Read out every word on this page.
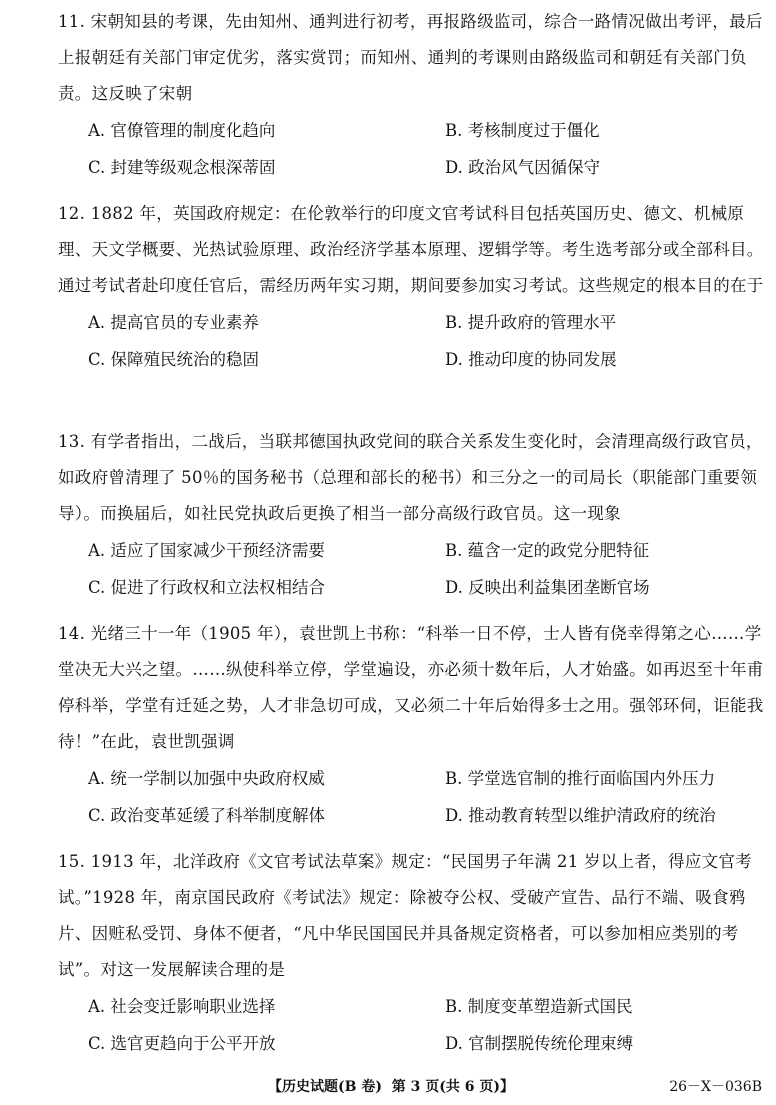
11. 宋朝知县的考课，先由知州、通判进行初考，再报路级监司，综合一路情况做出考评，最后上报朝廷有关部门审定优劣，落实赏罚；而知州、通判的考课则由路级监司和朝廷有关部门负责。这反映了宋朝

A. 官僚管理的制度化趋向	B. 考核制度过于僵化
C. 封建等级观念根深蒂固	D. 政治风气因循保守

12. 1882 年，英国政府规定：在伦敦举行的印度文官考试科目包括英国历史、德文、机械原理、天文学概要、光热试验原理、政治经济学基本原理、逻辑学等。考生选考部分或全部科目。通过考试者赴印度任官后，需经历两年实习期，期间要参加实习考试。这些规定的根本目的在于

A. 提高官员的专业素养	B. 提升政府的管理水平
C. 保障殖民统治的稳固	D. 推动印度的协同发展

13. 有学者指出，二战后，当联邦德国执政党间的联合关系发生变化时，会清理高级行政官员，如政府曾清理了 50％的国务秘书（总理和部长的秘书）和三分之一的司局长（职能部门重要领导）。而换届后，如社民党执政后更换了相当一部分高级行政官员。这一现象

A. 适应了国家减少干预经济需要	B. 蕴含一定的政党分肥特征
C. 促进了行政权和立法权相结合	D. 反映出利益集团垄断官场

14. 光绪三十一年（1905 年），袁世凯上书称：“科举一日不停，士人皆有侥幸得第之心……学堂决无大兴之望。……纵使科举立停，学堂遍设，亦必须十数年后，人才始盛。如再迟至十年甫停科举，学堂有迁延之势，人才非急切可成，又必须二十年后始得多士之用。强邻环伺，讵能我待！”在此，袁世凯强调

A. 统一学制以加强中央政府权威	B. 学堂选官制的推行面临国内外压力
C. 政治变革延缓了科举制度解体	D. 推动教育转型以维护清政府的统治

15. 1913 年，北洋政府《文官考试法草案》规定：“民国男子年满 21 岁以上者，得应文官考试。”1928 年，南京国民政府《考试法》规定：除被夺公权、受破产宣告、品行不端、吸食鸦片、因赃私受罚、身体不便者，“凡中华民国国民并具备规定资格者，可以参加相应类别的考试”。对这一发展解读合理的是

A. 社会变迁影响职业选择	B. 制度变革塑造新式国民
C. 选官更趋向于公平开放	D. 官制摆脱传统伦理束缚
【历史试题(B 卷) 第 3 页(共 6 页)】	26－X－036B
